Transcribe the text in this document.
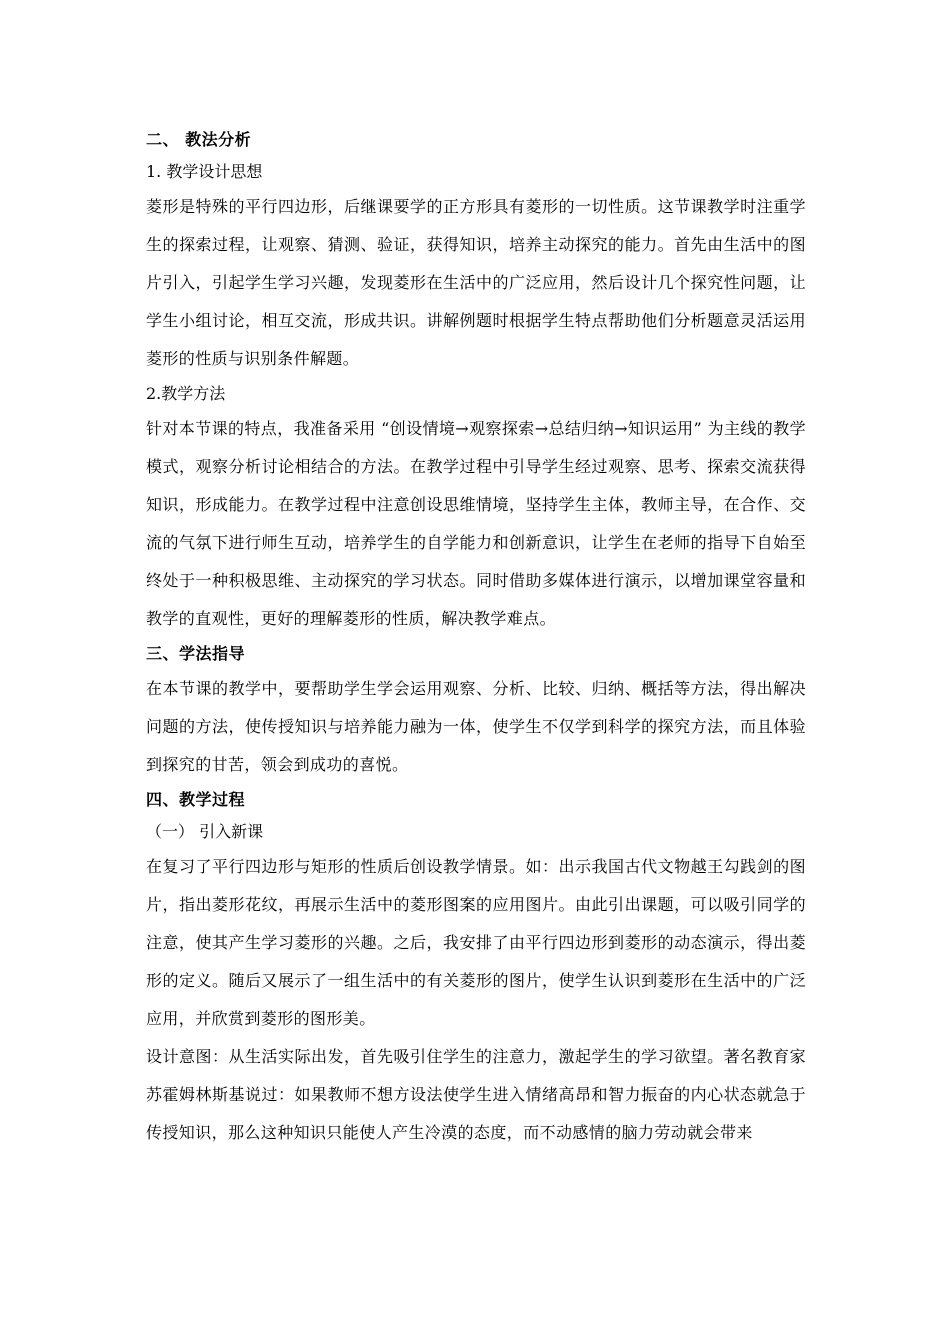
二、 教法分析

1. 教学设计思想

菱形是特殊的平行四边形，后继课要学的正方形具有菱形的一切性质。这节课教学时注重学生的探索过程，让观察、猜测、验证，获得知识，培养主动探究的能力。首先由生活中的图片引入，引起学生学习兴趣，发现菱形在生活中的广泛应用，然后设计几个探究性问题，让学生小组讨论，相互交流，形成共识。讲解例题时根据学生特点帮助他们分析题意灵活运用菱形的性质与识别条件解题。

2.教学方法

针对本节课的特点，我准备采用 “创设情境→观察探索→总结归纳→知识运用” 为主线的教学模式，观察分析讨论相结合的方法。在教学过程中引导学生经过观察、思考、探索交流获得知识，形成能力。在教学过程中注意创设思维情境，坚持学生主体，教师主导，在合作、交流的气氛下进行师生互动，培养学生的自学能力和创新意识，让学生在老师的指导下自始至终处于一种积极思维、主动探究的学习状态。同时借助多媒体进行演示，以增加课堂容量和教学的直观性，更好的理解菱形的性质，解决教学难点。

三、学法指导

在本节课的教学中，要帮助学生学会运用观察、分析、比较、归纳、概括等方法，得出解决问题的方法，使传授知识与培养能力融为一体，使学生不仅学到科学的探究方法，而且体验到探究的甘苦，领会到成功的喜悦。

四、教学过程

（一） 引入新课

在复习了平行四边形与矩形的性质后创设教学情景。如：出示我国古代文物越王勾践剑的图片，指出菱形花纹，再展示生活中的菱形图案的应用图片。由此引出课题，可以吸引同学的注意，使其产生学习菱形的兴趣。之后，我安排了由平行四边形到菱形的动态演示，得出菱形的定义。随后又展示了一组生活中的有关菱形的图片，使学生认识到菱形在生活中的广泛应用，并欣赏到菱形的图形美。

设计意图：从生活实际出发，首先吸引住学生的注意力，激起学生的学习欲望。著名教育家苏霍姆林斯基说过：如果教师不想方设法使学生进入情绪高昂和智力振奋的内心状态就急于传授知识，那么这种知识只能使人产生冷漠的态度，而不动感情的脑力劳动就会带来
